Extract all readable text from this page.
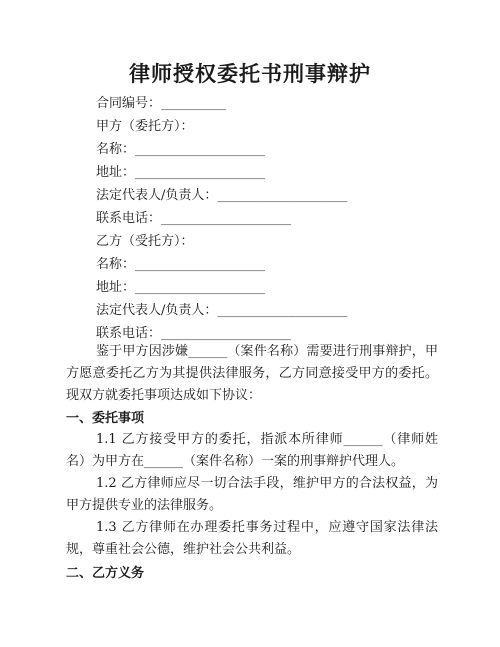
律师授权委托书刑事辩护
合同编号：__________
甲方（委托方）：
名称：____________________
地址：____________________
法定代表人/负责人：____________________
联系电话：____________________
乙方（受托方）：
名称：____________________
地址：____________________
法定代表人/负责人：____________________
联系电话：____________________
鉴于甲方因涉嫌______（案件名称）需要进行刑事辩护，甲方愿意委托乙方为其提供法律服务，乙方同意接受甲方的委托。现双方就委托事项达成如下协议：
一、委托事项
1.1 乙方接受甲方的委托，指派本所律师______（律师姓名）为甲方在______（案件名称）一案的刑事辩护代理人。
1.2 乙方律师应尽一切合法手段，维护甲方的合法权益，为甲方提供专业的法律服务。
1.3 乙方律师在办理委托事务过程中，应遵守国家法律法规，尊重社会公德，维护社会公共利益。
二、乙方义务
